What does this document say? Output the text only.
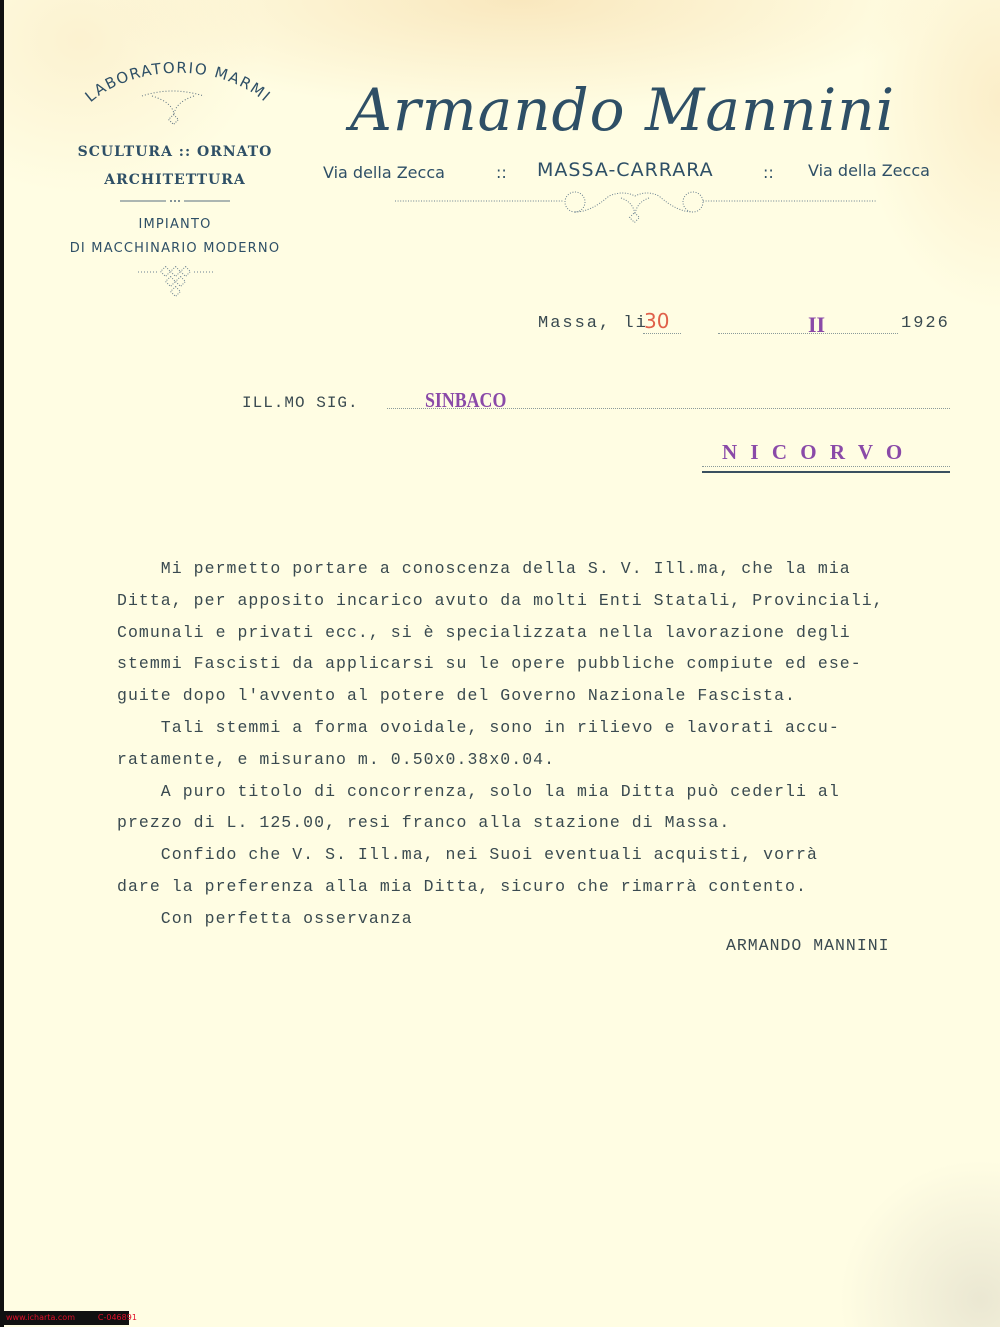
LABORATORIO MARMI
SCULTURA :: ORNATO
ARCHITETTURA
IMPIANTO
DI MACCHINARIO MODERNO
Armando Mannini
Via della Zecca	:: MASSA-CARRARA	:: Via della Zecca
Massa, li
30	II	1926
ILL.MO SIG.	SINBACO
N I C O R V O
Mi permetto portare a conoscenza della S. V. Ill.ma, che la mia
Ditta, per apposito incarico avuto da molti Enti Statali, Provinciali,
Comunali e privati ecc., si è specializzata nella lavorazione degli
stemmi Fascisti da applicarsi su le opere pubbliche compiute ed ese-
guite dopo l'avvento al potere del Governo Nazionale Fascista.
Tali stemmi a forma ovoidale, sono in rilievo e lavorati accu-
ratamente, e misurano m. 0.50x0.38x0.04.
A puro titolo di concorrenza, solo la mia Ditta può cederli al
prezzo di L. 125.00, resi franco alla stazione di Massa.
Confido che V. S. Ill.ma, nei Suoi eventuali acquisti, vorrà
dare la preferenza alla mia Ditta, sicuro che rimarrà contento.
Con perfetta osservanza
ARMANDO MANNINI
www.icharta.com	C-046891
